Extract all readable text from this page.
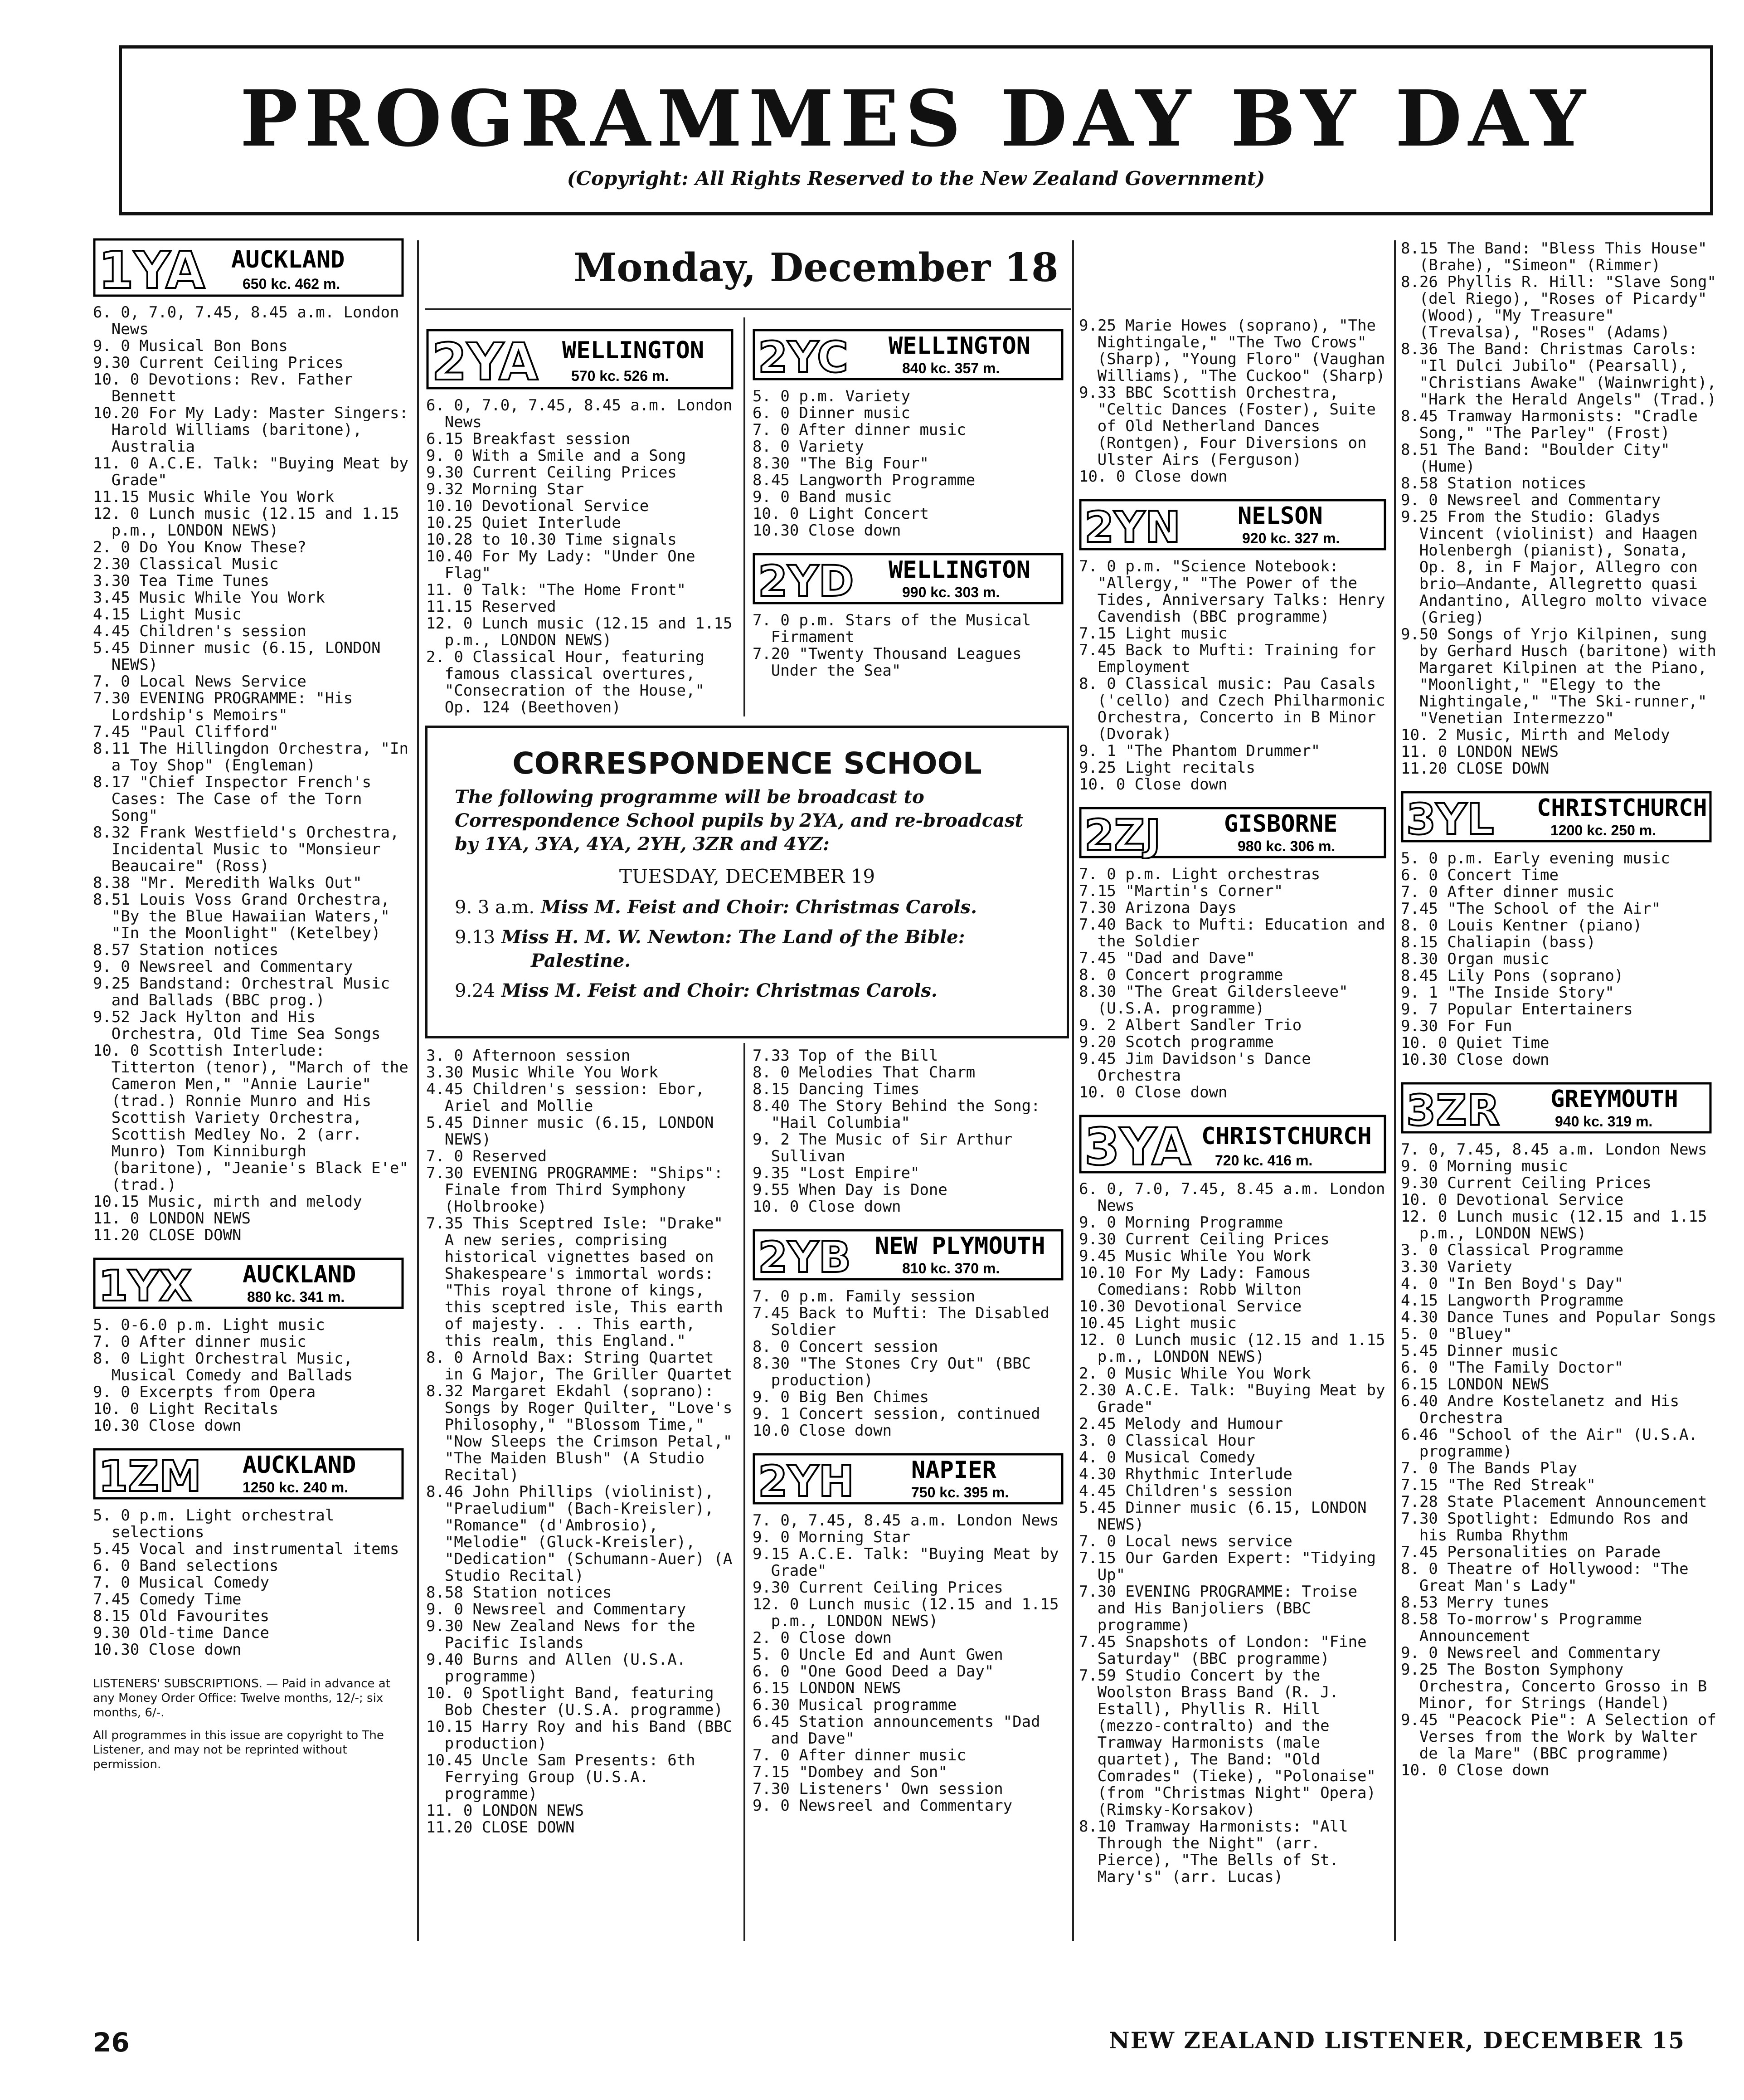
PROGRAMMES DAY BY DAY
(Copyright: All Rights Reserved to the New Zealand Government)
Monday, December 18
1YA AUCKLAND
650 kc. 462 m.

6. 0, 7.0, 7.45, 8.45 a.m. London News

9. 0 Musical Bon Bons

9.30 Current Ceiling Prices

10. 0 Devotions: Rev. Father Bennett

10.20 For My Lady: Master Singers: Harold Williams (baritone), Australia

11. 0 A.C.E. Talk: "Buying Meat by Grade"

11.15 Music While You Work

12. 0 Lunch music (12.15 and 1.15 p.m., LONDON NEWS)

2. 0 Do You Know These?

2.30 Classical Music

3.30 Tea Time Tunes

3.45 Music While You Work

4.15 Light Music

4.45 Children's session

5.45 Dinner music (6.15, LONDON NEWS)

7. 0 Local News Service

7.30 EVENING PROGRAMME: "His Lordship's Memoirs"

7.45 "Paul Clifford"

8.11 The Hillingdon Orchestra, "In a Toy Shop" (Engleman)

8.17 "Chief Inspector French's Cases: The Case of the Torn Song"

8.32 Frank Westfield's Orchestra, Incidental Music to "Monsieur Beaucaire" (Ross)

8.38 "Mr. Meredith Walks Out"

8.51 Louis Voss Grand Orchestra, "By the Blue Hawaiian Waters," "In the Moonlight" (Ketelbey)

8.57 Station notices

9. 0 Newsreel and Commentary

9.25 Bandstand: Orchestral Music and Ballads (BBC prog.)

9.52 Jack Hylton and His Orchestra, Old Time Sea Songs

10. 0 Scottish Interlude: Titterton (tenor), "March of the Cameron Men," "Annie Laurie" (trad.) Ronnie Munro and His Scottish Variety Orchestra, Scottish Medley No. 2 (arr. Munro) Tom Kinniburgh (baritone), "Jeanie's Black E'e" (trad.)

10.15 Music, mirth and melody

11. 0 LONDON NEWS

11.20 CLOSE DOWN

1YX AUCKLAND
880 kc. 341 m.

5. 0-6.0 p.m. Light music

7. 0 After dinner music

8. 0 Light Orchestral Music, Musical Comedy and Ballads

9. 0 Excerpts from Opera

10. 0 Light Recitals

10.30 Close down

1ZM AUCKLAND
1250 kc. 240 m.

5. 0 p.m. Light orchestral selections

5.45 Vocal and instrumental items

6. 0 Band selections

7. 0 Musical Comedy

7.45 Comedy Time

8.15 Old Favourites

9.30 Old-time Dance

10.30 Close down

LISTENERS' SUBSCRIPTIONS. — Paid in advance at any Money Order Office: Twelve months, 12/-; six months, 6/-.

All programmes in this issue are copyright to The Listener, and may not be reprinted without permission.

2YA WELLINGTON
570 kc. 526 m.

6. 0, 7.0, 7.45, 8.45 a.m. London News

6.15 Breakfast session

9. 0 With a Smile and a Song

9.30 Current Ceiling Prices

9.32 Morning Star

10.10 Devotional Service

10.25 Quiet Interlude

10.28 to 10.30 Time signals

10.40 For My Lady: "Under One Flag"

11. 0 Talk: "The Home Front"

11.15 Reserved

12. 0 Lunch music (12.15 and 1.15 p.m., LONDON NEWS)

2. 0 Classical Hour, featuring famous classical overtures, "Consecration of the House," Op. 124 (Beethoven)

2YC WELLINGTON
840 kc. 357 m.

5. 0 p.m. Variety

6. 0 Dinner music

7. 0 After dinner music

8. 0 Variety

8.30 "The Big Four"

8.45 Langworth Programme

9. 0 Band music

10. 0 Light Concert

10.30 Close down

2YD WELLINGTON
990 kc. 303 m.

7. 0 p.m. Stars of the Musical Firmament

7.20 "Twenty Thousand Leagues Under the Sea"

CORRESPONDENCE SCHOOL

The following programme will be broadcast to Correspondence School pupils by 2YA, and re-broadcast by 1YA, 3YA, 4YA, 2YH, 3ZR and 4YZ:

TUESDAY, DECEMBER 19

9. 3 a.m. Miss M. Feist and Choir: Christmas Carols.

9.13 Miss H. M. W. Newton: The Land of the Bible: Palestine.

9.24 Miss M. Feist and Choir: Christmas Carols.

3. 0 Afternoon session

3.30 Music While You Work

4.45 Children's session: Ebor, Ariel and Mollie

5.45 Dinner music (6.15, LONDON NEWS)

7. 0 Reserved

7.30 EVENING PROGRAMME: "Ships": Finale from Third Symphony (Holbrooke)

7.35 This Sceptred Isle: "Drake" A new series, comprising historical vignettes based on Shakespeare's immortal words: "This royal throne of kings, this sceptred isle, This earth of majesty. . . This earth, this realm, this England."

8. 0 Arnold Bax: String Quartet in G Major, The Griller Quartet

8.32 Margaret Ekdahl (soprano): Songs by Roger Quilter, "Love's Philosophy," "Blossom Time," "Now Sleeps the Crimson Petal," "The Maiden Blush" (A Studio Recital)

8.46 John Phillips (violinist), "Praeludium" (Bach-Kreisler), "Romance" (d'Ambrosio), "Melodie" (Gluck-Kreisler), "Dedication" (Schumann-Auer) (A Studio Recital)

8.58 Station notices

9. 0 Newsreel and Commentary

9.30 New Zealand News for the Pacific Islands

9.40 Burns and Allen (U.S.A. programme)

10. 0 Spotlight Band, featuring Bob Chester (U.S.A. programme)

10.15 Harry Roy and his Band (BBC production)

10.45 Uncle Sam Presents: 6th Ferrying Group (U.S.A. programme)

11. 0 LONDON NEWS

11.20 CLOSE DOWN

7.33 Top of the Bill

8. 0 Melodies That Charm

8.15 Dancing Times

8.40 The Story Behind the Song: "Hail Columbia"

9. 2 The Music of Sir Arthur Sullivan

9.35 "Lost Empire"

9.55 When Day is Done

10. 0 Close down

2YB NEW PLYMOUTH
810 kc. 370 m.

7. 0 p.m. Family session

7.45 Back to Mufti: The Disabled Soldier

8. 0 Concert session

8.30 "The Stones Cry Out" (BBC production)

9. 0 Big Ben Chimes

9. 1 Concert session, continued

10.0 Close down

2YH NAPIER
750 kc. 395 m.

7. 0, 7.45, 8.45 a.m. London News

9. 0 Morning Star

9.15 A.C.E. Talk: "Buying Meat by Grade"

9.30 Current Ceiling Prices

12. 0 Lunch music (12.15 and 1.15 p.m., LONDON NEWS)

2. 0 Close down

5. 0 Uncle Ed and Aunt Gwen

6. 0 "One Good Deed a Day"

6.15 LONDON NEWS

6.30 Musical programme

6.45 Station announcements "Dad and Dave"

7. 0 After dinner music

7.15 "Dombey and Son"

7.30 Listeners' Own session

9. 0 Newsreel and Commentary

9.25 Marie Howes (soprano), "The Nightingale," "The Two Crows" (Sharp), "Young Floro" (Vaughan Williams), "The Cuckoo" (Sharp)

9.33 BBC Scottish Orchestra, "Celtic Dances (Foster), Suite of Old Netherland Dances (Rontgen), Four Diversions on Ulster Airs (Ferguson)

10. 0 Close down

2YN NELSON
920 kc. 327 m.

7. 0 p.m. "Science Notebook: "Allergy," "The Power of the Tides, Anniversary Talks: Henry Cavendish (BBC programme)

7.15 Light music

7.45 Back to Mufti: Training for Employment

8. 0 Classical music: Pau Casals ('cello) and Czech Philharmonic Orchestra, Concerto in B Minor (Dvorak)

9. 1 "The Phantom Drummer"

9.25 Light recitals

10. 0 Close down

2ZJ	GISBORNE
980 kc. 306 m.

7. 0 p.m. Light orchestras

7.15 "Martin's Corner"

7.30 Arizona Days

7.40 Back to Mufti: Education and the Soldier

7.45 "Dad and Dave"

8. 0 Concert programme

8.30 "The Great Gildersleeve" (U.S.A. programme)

9. 2 Albert Sandler Trio

9.20 Scotch programme

9.45 Jim Davidson's Dance Orchestra

10. 0 Close down

3YA CHRISTCHURCH
720 kc. 416 m.

6. 0, 7.0, 7.45, 8.45 a.m. London News

9. 0 Morning Programme

9.30 Current Ceiling Prices

9.45 Music While You Work

10.10 For My Lady: Famous Comedians: Robb Wilton

10.30 Devotional Service

10.45 Light music

12. 0 Lunch music (12.15 and 1.15 p.m., LONDON NEWS)

2. 0 Music While You Work

2.30 A.C.E. Talk: "Buying Meat by Grade"

2.45 Melody and Humour

3. 0 Classical Hour

4. 0 Musical Comedy

4.30 Rhythmic Interlude

4.45 Children's session

5.45 Dinner music (6.15, LONDON NEWS)

7. 0 Local news service

7.15 Our Garden Expert: "Tidying Up"

7.30 EVENING PROGRAMME: Troise and His Banjoliers (BBC programme)

7.45 Snapshots of London: "Fine Saturday" (BBC programme)

7.59 Studio Concert by the Woolston Brass Band (R. J. Estall), Phyllis R. Hill (mezzo-contralto) and the Tramway Harmonists (male quartet), The Band: "Old Comrades" (Tieke), "Polonaise" (from "Christmas Night" Opera) (Rimsky-Korsakov)

8.10 Tramway Harmonists: "All Through the Night" (arr. Pierce), "The Bells of St. Mary's" (arr. Lucas)

8.15 The Band: "Bless This House" (Brahe), "Simeon" (Rimmer)

8.26 Phyllis R. Hill: "Slave Song" (del Riego), "Roses of Picardy" (Wood), "My Treasure" (Trevalsa), "Roses" (Adams)

8.36 The Band: Christmas Carols: "Il Dulci Jubilo" (Pearsall), "Christians Awake" (Wainwright), "Hark the Herald Angels" (Trad.)

8.45 Tramway Harmonists: "Cradle Song," "The Parley" (Frost)

8.51 The Band: "Boulder City" (Hume)

8.58 Station notices

9. 0 Newsreel and Commentary

9.25 From the Studio: Gladys Vincent (violinist) and Haagen Holenbergh (pianist), Sonata, Op. 8, in F Major, Allegro con brio—Andante, Allegretto quasi Andantino, Allegro molto vivace (Grieg)

9.50 Songs of Yrjo Kilpinen, sung by Gerhard Husch (baritone) with Margaret Kilpinen at the Piano, "Moonlight," "Elegy to the Nightingale," "The Ski-runner," "Venetian Intermezzo"

10. 2 Music, Mirth and Melody

11. 0 LONDON NEWS

11.20 CLOSE DOWN

3YL CHRISTCHURCH
1200 kc. 250 m.

5. 0 p.m. Early evening music

6. 0 Concert Time

7. 0 After dinner music

7.45 "The School of the Air"

8. 0 Louis Kentner (piano)

8.15 Chaliapin (bass)

8.30 Organ music

8.45 Lily Pons (soprano)

9. 1 "The Inside Story"

9. 7 Popular Entertainers

9.30 For Fun

10. 0 Quiet Time

10.30 Close down

3ZR GREYMOUTH
940 kc. 319 m.

7. 0, 7.45, 8.45 a.m. London News

9. 0 Morning music

9.30 Current Ceiling Prices

10. 0 Devotional Service

12. 0 Lunch music (12.15 and 1.15 p.m., LONDON NEWS)

3. 0 Classical Programme

3.30 Variety

4. 0 "In Ben Boyd's Day"

4.15 Langworth Programme

4.30 Dance Tunes and Popular Songs

5. 0 "Bluey"

5.45 Dinner music

6. 0 "The Family Doctor"

6.15 LONDON NEWS

6.40 Andre Kostelanetz and His Orchestra

6.46 "School of the Air" (U.S.A. programme)

7. 0 The Bands Play

7.15 "The Red Streak"

7.28 State Placement Announcement

7.30 Spotlight: Edmundo Ros and his Rumba Rhythm

7.45 Personalities on Parade

8. 0 Theatre of Hollywood: "The Great Man's Lady"

8.53 Merry tunes

8.58 To-morrow's Programme Announcement

9. 0 Newsreel and Commentary

9.25 The Boston Symphony Orchestra, Concerto Grosso in B Minor, for Strings (Handel)

9.45 "Peacock Pie": A Selection of Verses from the Work by Walter de la Mare" (BBC programme)

10. 0 Close down

26	NEW ZEALAND LISTENER, DECEMBER 15
